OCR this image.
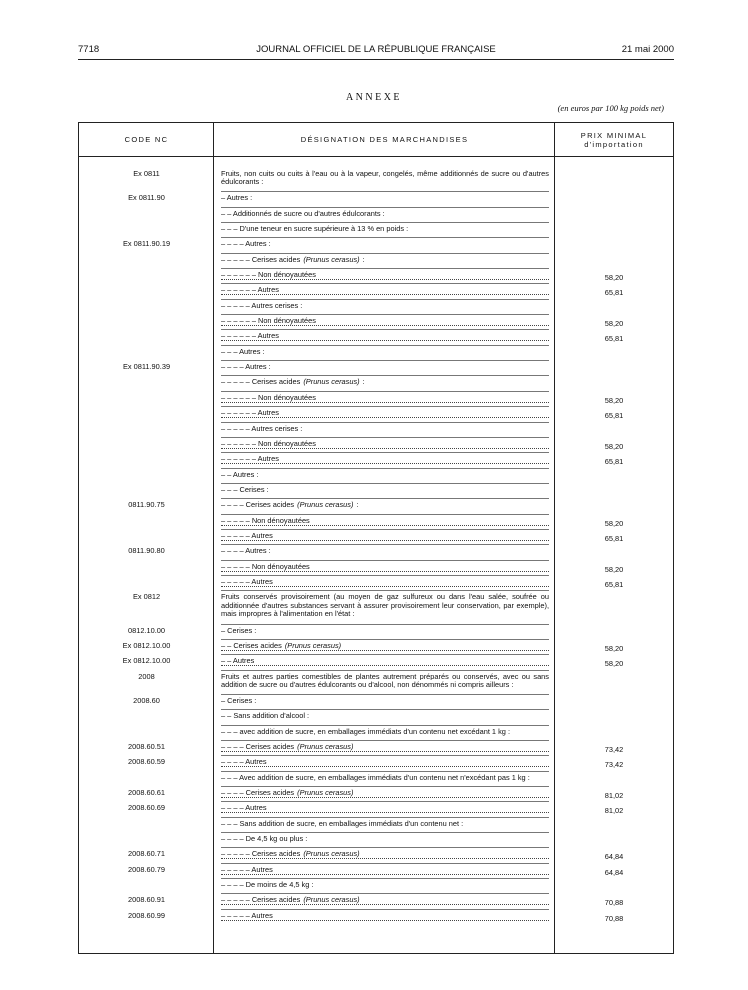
7718	JOURNAL OFFICIEL DE LA RÉPUBLIQUE FRANÇAISE	21 mai 2000
ANNEXE
(en euros par 100 kg poids net)
CODE NC	DÉSIGNATION DES MARCHANDISES	PRIX MINIMAL
d'importation
Ex 0811	Fruits, non cuits ou cuits à l'eau ou à la vapeur, congelés, même additionnés de sucre ou d'autres édulcorants :
Ex 0811.90	– Autres :
– – Additionnés de sucre ou d'autres édulcorants :
– – – D'une teneur en sucre supérieure à 13 % en poids :
Ex 0811.90.19	– – – – Autres :
– – – – – Cerises acides (Prunus cerasus) :
– – – – – – Non dénoyautées	58,20
– – – – – – Autres	65,81
– – – – – Autres cerises :
– – – – – – Non dénoyautées	58,20
– – – – – – Autres	65,81
– – – Autres :
Ex 0811.90.39	– – – – Autres :
– – – – – Cerises acides (Prunus cerasus) :
– – – – – – Non dénoyautées	58,20
– – – – – – Autres	65,81
– – – – – Autres cerises :
– – – – – – Non dénoyautées	58,20
– – – – – – Autres	65,81
– – Autres :
– – – Cerises :
0811.90.75	– – – – Cerises acides (Prunus cerasus) :
– – – – – Non dénoyautées	58,20
– – – – – Autres	65,81
0811.90.80	– – – – Autres :
– – – – – Non dénoyautées	58,20
– – – – – Autres	65,81
Ex 0812	Fruits conservés provisoirement (au moyen de gaz sulfureux ou dans l'eau salée, soufrée ou additionnée d'autres substances servant à assurer provisoirement leur conservation, par exemple), mais impropres à l'alimentation en l'état :
0812.10.00	– Cerises :
Ex 0812.10.00	– – Cerises acides (Prunus cerasus)	58,20
Ex 0812.10.00	– – Autres	58,20
2008	Fruits et autres parties comestibles de plantes autrement préparés ou conservés, avec ou sans addition de sucre ou d'autres édulcorants ou d'alcool, non dénommés ni compris ailleurs :
2008.60	– Cerises :
– – Sans addition d'alcool :
– – – avec addition de sucre, en emballages immédiats d'un contenu net excédant 1 kg :
2008.60.51	– – – – Cerises acides (Prunus cerasus)	73,42
2008.60.59	– – – – Autres	73,42
– – – Avec addition de sucre, en emballages immédiats d'un contenu net n'excédant pas 1 kg :
2008.60.61	– – – – Cerises acides (Prunus cerasus)	81,02
2008.60.69	– – – – Autres	81,02
– – – Sans addition de sucre, en emballages immédiats d'un contenu net :
– – – – De 4,5 kg ou plus :
2008.60.71	– – – – – Cerises acides (Prunus cerasus)	64,84
2008.60.79	– – – – – Autres	64,84
– – – – De moins de 4,5 kg :
2008.60.91	– – – – – Cerises acides (Prunus cerasus)	70,88
2008.60.99	– – – – – Autres	70,88
